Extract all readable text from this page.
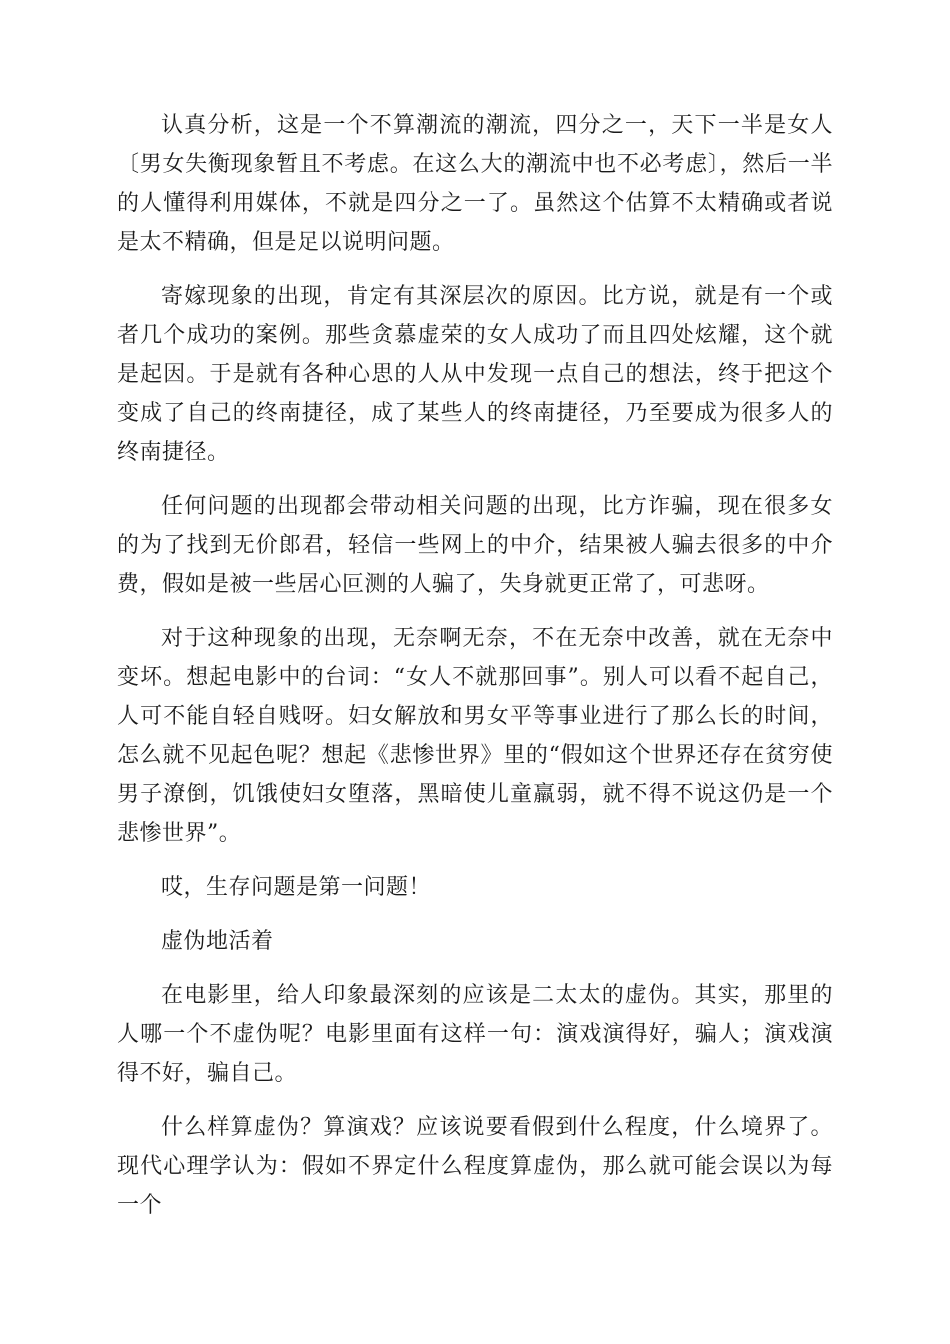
认真分析，这是一个不算潮流的潮流，四分之一，天下一半是女人〔男女失衡现象暂且不考虑。在这么大的潮流中也不必考虑〕，然后一半的人懂得利用媒体，不就是四分之一了。虽然这个估算不太精确或者说是太不精确，但是足以说明问题。

寄嫁现象的出现，肯定有其深层次的原因。比方说，就是有一个或者几个成功的案例。那些贪慕虚荣的女人成功了而且四处炫耀，这个就是起因。于是就有各种心思的人从中发现一点自己的想法，终于把这个变成了自己的终南捷径，成了某些人的终南捷径，乃至要成为很多人的终南捷径。

任何问题的出现都会带动相关问题的出现，比方诈骗，现在很多女的为了找到无价郎君，轻信一些网上的中介，结果被人骗去很多的中介费，假如是被一些居心叵测的人骗了，失身就更正常了，可悲呀。

对于这种现象的出现，无奈啊无奈，不在无奈中改善，就在无奈中变坏。想起电影中的台词：“女人不就那回事”。别人可以看不起自己，人可不能自轻自贱呀。妇女解放和男女平等事业进行了那么长的时间，怎么就不见起色呢？想起《悲惨世界》里的“假如这个世界还存在贫穷使男子潦倒，饥饿使妇女堕落，黑暗使儿童羸弱，就不得不说这仍是一个悲惨世界”。

哎，生存问题是第一问题！

虚伪地活着

在电影里，给人印象最深刻的应该是二太太的虚伪。其实，那里的人哪一个不虚伪呢？电影里面有这样一句：演戏演得好，骗人；演戏演得不好，骗自己。

什么样算虚伪？算演戏？应该说要看假到什么程度，什么境界了。现代心理学认为：假如不界定什么程度算虚伪，那么就可能会误以为每一个
